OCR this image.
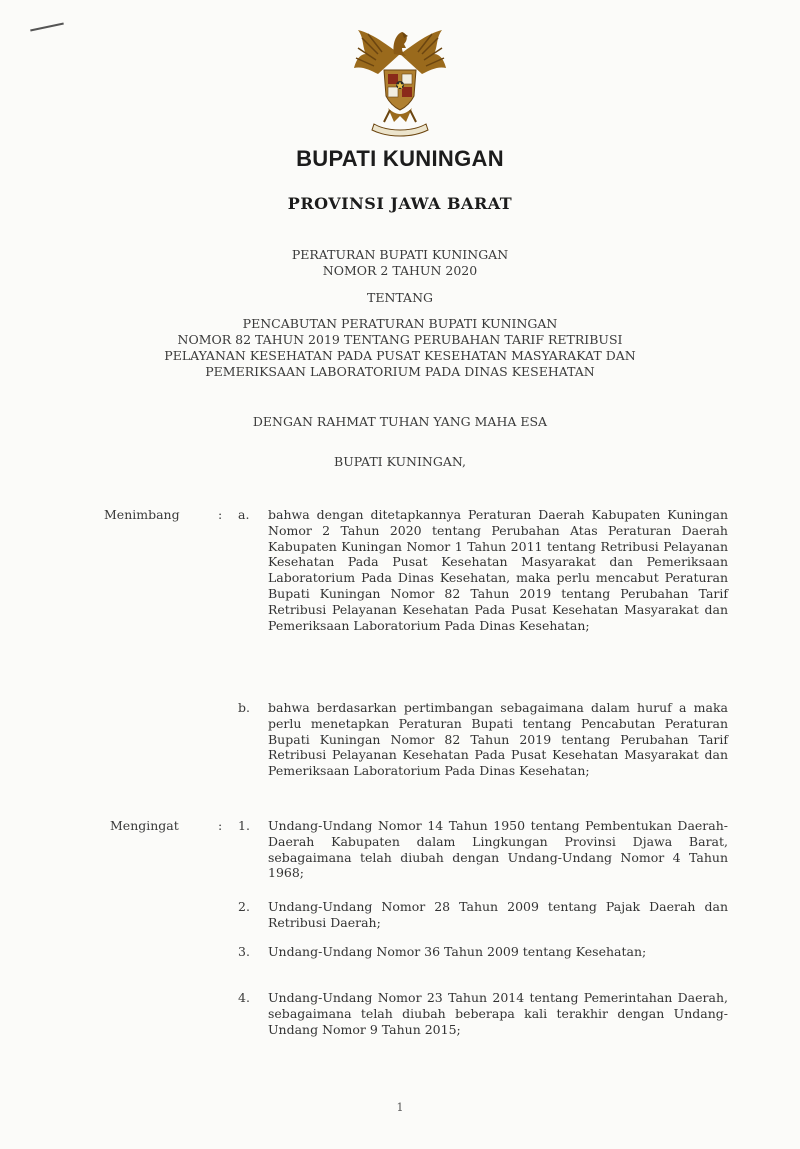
BUPATI KUNINGAN
PROVINSI JAWA BARAT
PERATURAN BUPATI KUNINGAN
NOMOR 2 TAHUN 2020
TENTANG
PENCABUTAN PERATURAN BUPATI KUNINGAN
NOMOR 82 TAHUN 2019 TENTANG PERUBAHAN TARIF RETRIBUSI
PELAYANAN KESEHATAN PADA PUSAT KESEHATAN MASYARAKAT DAN
PEMERIKSAAN LABORATORIUM PADA DINAS KESEHATAN
DENGAN RAHMAT TUHAN YANG MAHA ESA
BUPATI KUNINGAN,
Menimbang	: a. bahwa dengan ditetapkannya Peraturan Daerah Kabupaten Kuningan Nomor 2 Tahun 2020 tentang Perubahan Atas Peraturan Daerah Kabupaten Kuningan Nomor 1 Tahun 2011 tentang Retribusi Pelayanan Kesehatan Pada Pusat Kesehatan Masyarakat dan Pemeriksaan Laboratorium Pada Dinas Kesehatan, maka perlu mencabut Peraturan Bupati Kuningan Nomor 82 Tahun 2019 tentang Perubahan Tarif Retribusi Pelayanan Kesehatan Pada Pusat Kesehatan Masyarakat dan Pemeriksaan Laboratorium Pada Dinas Kesehatan;
b. bahwa berdasarkan pertimbangan sebagaimana dalam huruf a maka perlu menetapkan Peraturan Bupati tentang Pencabutan Peraturan Bupati Kuningan Nomor 82 Tahun 2019 tentang Perubahan Tarif Retribusi Pelayanan Kesehatan Pada Pusat Kesehatan Masyarakat dan Pemeriksaan Laboratorium Pada Dinas Kesehatan;
Mengingat	: 1. Undang-Undang Nomor 14 Tahun 1950 tentang Pembentukan Daerah-Daerah Kabupaten dalam Lingkungan Provinsi Djawa Barat, sebagaimana telah diubah dengan Undang-Undang Nomor 4 Tahun 1968;
2. Undang-Undang Nomor 28 Tahun 2009 tentang Pajak Daerah dan Retribusi Daerah;
3. Undang-Undang Nomor 36 Tahun 2009 tentang Kesehatan;
4. Undang-Undang Nomor 23 Tahun 2014 tentang Pemerintahan Daerah, sebagaimana telah diubah beberapa kali terakhir dengan Undang-Undang Nomor 9 Tahun 2015;
1
